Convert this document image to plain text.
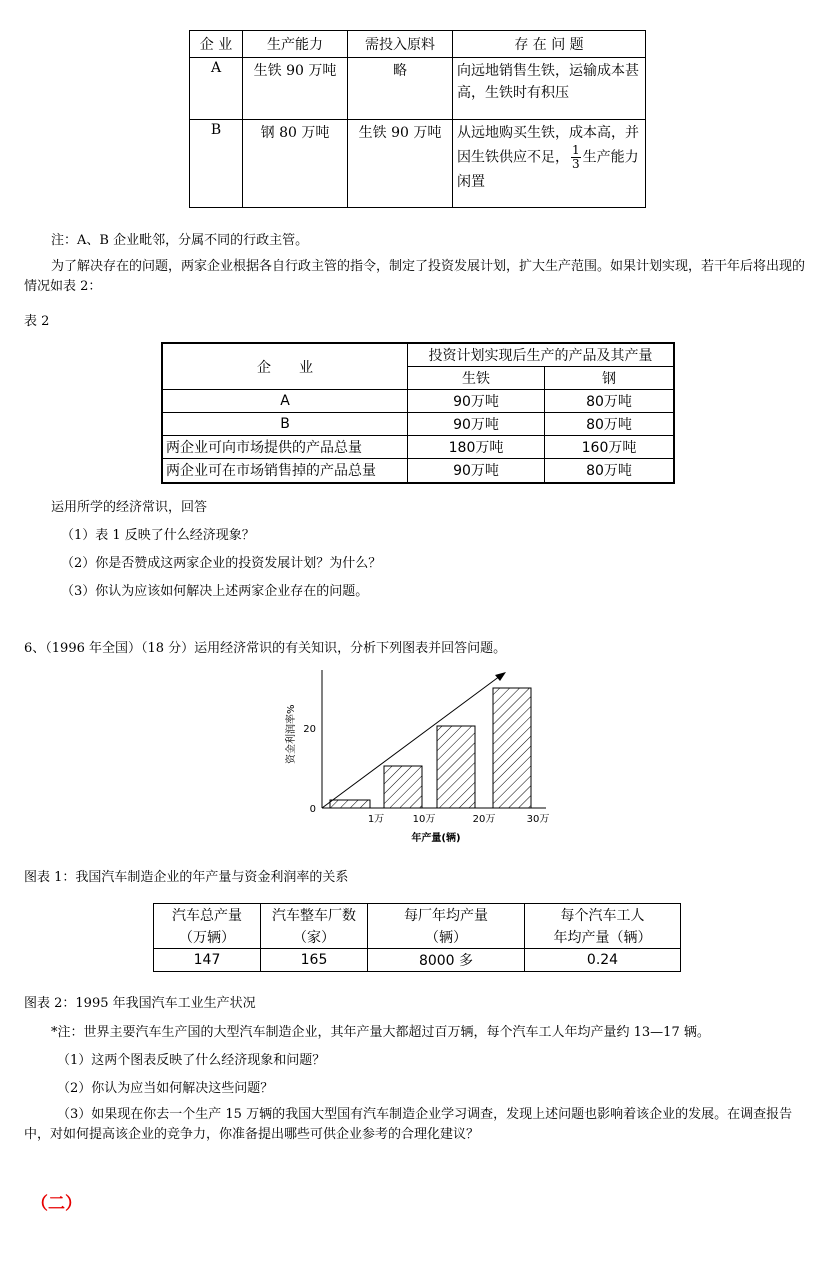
企 业	生产能力	需投入原料	存 在 问 题
A	生铁 90 万吨	略	向远地销售生铁，运输成本甚高，生铁时有积压
B	钢 80 万吨	生铁 90 万吨	从远地购买生铁，成本高，并因生铁供应不足， $\frac{1}{3}$ 生产能力闲置
注：A、B 企业毗邻，分属不同的行政主管。
为了解决存在的问题，两家企业根据各自行政主管的指令，制定了投资发展计划，扩大生产范围。如果计划实现，若干年后将出现的情况如表 2：
表 2
企　　业	投资计划实现后生产的产品及其产量	
	生铁	钢
A	90万吨	80万吨
B	90万吨	80万吨
两企业可向市场提供的产品总量	180万吨	160万吨
两企业可在市场销售掉的产品总量	90万吨	80万吨
运用所学的经济常识，回答
（1）表 1 反映了什么经济现象？
（2）你是否赞成这两家企业的投资发展计划？为什么？
（3）你认为应该如何解决上述两家企业存在的问题。
6、（1996 年全国）（18 分）运用经济常识的有关知识，分析下列图表并回答问题。
0
20
1万	10万	20万	30万
资金利润率%
年产量(辆)
图表 1：我国汽车制造企业的年产量与资金利润率的关系
汽车总产量	汽车整车厂数	每厂年均产量	每个汽车工人
（万辆）	（家）	（辆）	年均产量（辆）
147	165	8000 多	0.24
图表 2：1995 年我国汽车工业生产状况
*注：世界主要汽车生产国的大型汽车制造企业，其年产量大都超过百万辆，每个汽车工人年均产量约 13—17 辆。
（1）这两个图表反映了什么经济现象和问题？
（2）你认为应当如何解决这些问题？
（3）如果现在你去一个生产 15 万辆的我国大型国有汽车制造企业学习调查，发现上述问题也影响着该企业的发展。在调查报告中，对如何提高该企业的竞争力，你准备提出哪些可供企业参考的合理化建议？
（二）
